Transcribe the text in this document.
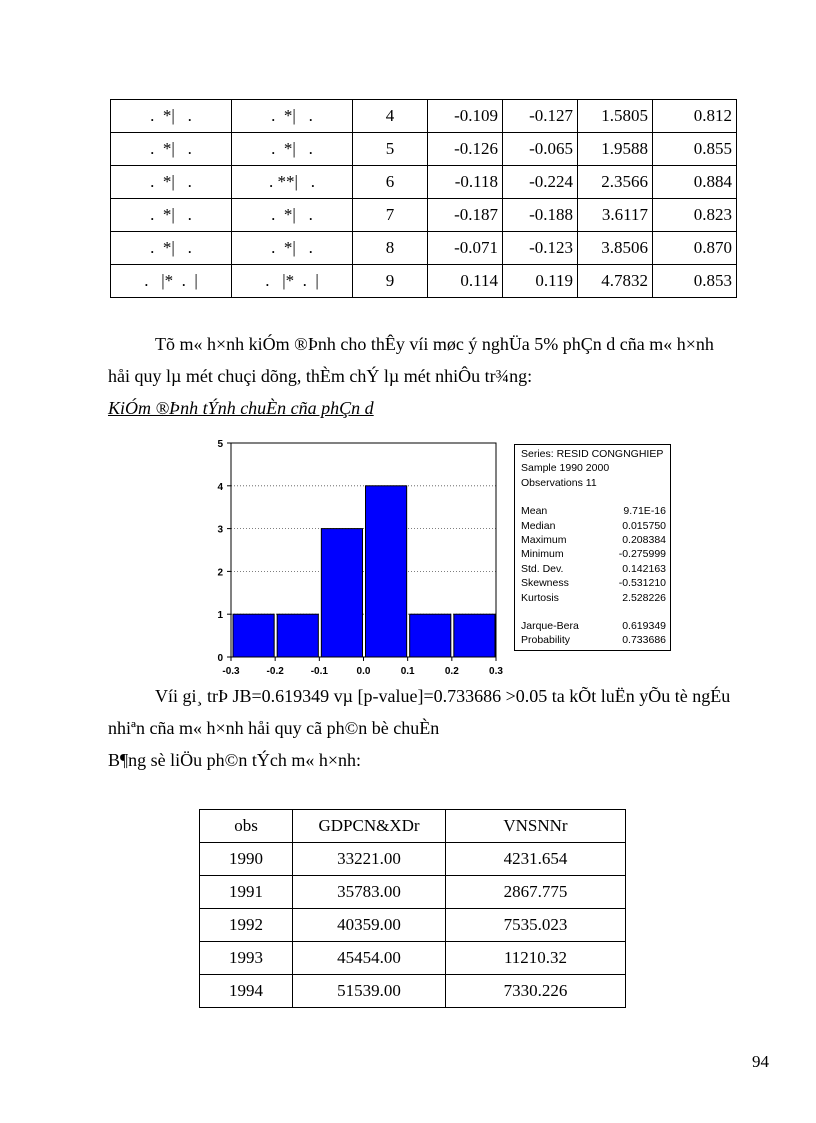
.  *|   .	.  *|   .	4	-0.109	-0.127	1.5805	0.812
.  *|   .	.  *|   .	5	-0.126	-0.065	1.9588	0.855
.  *|   .	. **|   .	6	-0.118	-0.224	2.3566	0.884
.  *|   .	.  *|   .	7	-0.187	-0.188	3.6117	0.823
.  *|   .	.  *|   .	8	-0.071	-0.123	3.8506	0.870
.   |*  .  |	.   |*  .  |	9	0.114	0.119	4.7832	0.853
Tõ m« h×nh kiÓm ®Þnh cho thÊy víi møc ý nghÜa 5% phÇn d cña m« h×nh
håi quy lµ mét chuçi dõng, thÈm chÝ lµ mét nhiÔu tr¾ng:
KiÓm ®Þnh tÝnh chuÈn cña phÇn d
0
1
2
3
4
5
-0.3	-0.2	-0.1	0.0	0.1	0.2	0.3
Series: RESID CONGNGHIEP
Sample 1990 2000
Observations 11
Mean	9.71E-16
Median	0.015750
Maximum	0.208384
Minimum	-0.275999
Std. Dev.	0.142163
Skewness	-0.531210
Kurtosis	2.528226
Jarque-Bera	0.619349
Probability	0.733686
Víi gi¸ trÞ JB=0.619349 vµ [p-value]=0.733686 >0.05 ta kÕt luËn yÕu tè ngÉu
nhiªn cña m« h×nh håi quy cã ph©n bè chuÈn
B¶ng sè liÖu ph©n tÝch m« h×nh:
obs	GDPCN&XDr	VNSNNr
1990	33221.00	4231.654
1991	35783.00	2867.775
1992	40359.00	7535.023
1993	45454.00	11210.32
1994	51539.00	7330.226
94
